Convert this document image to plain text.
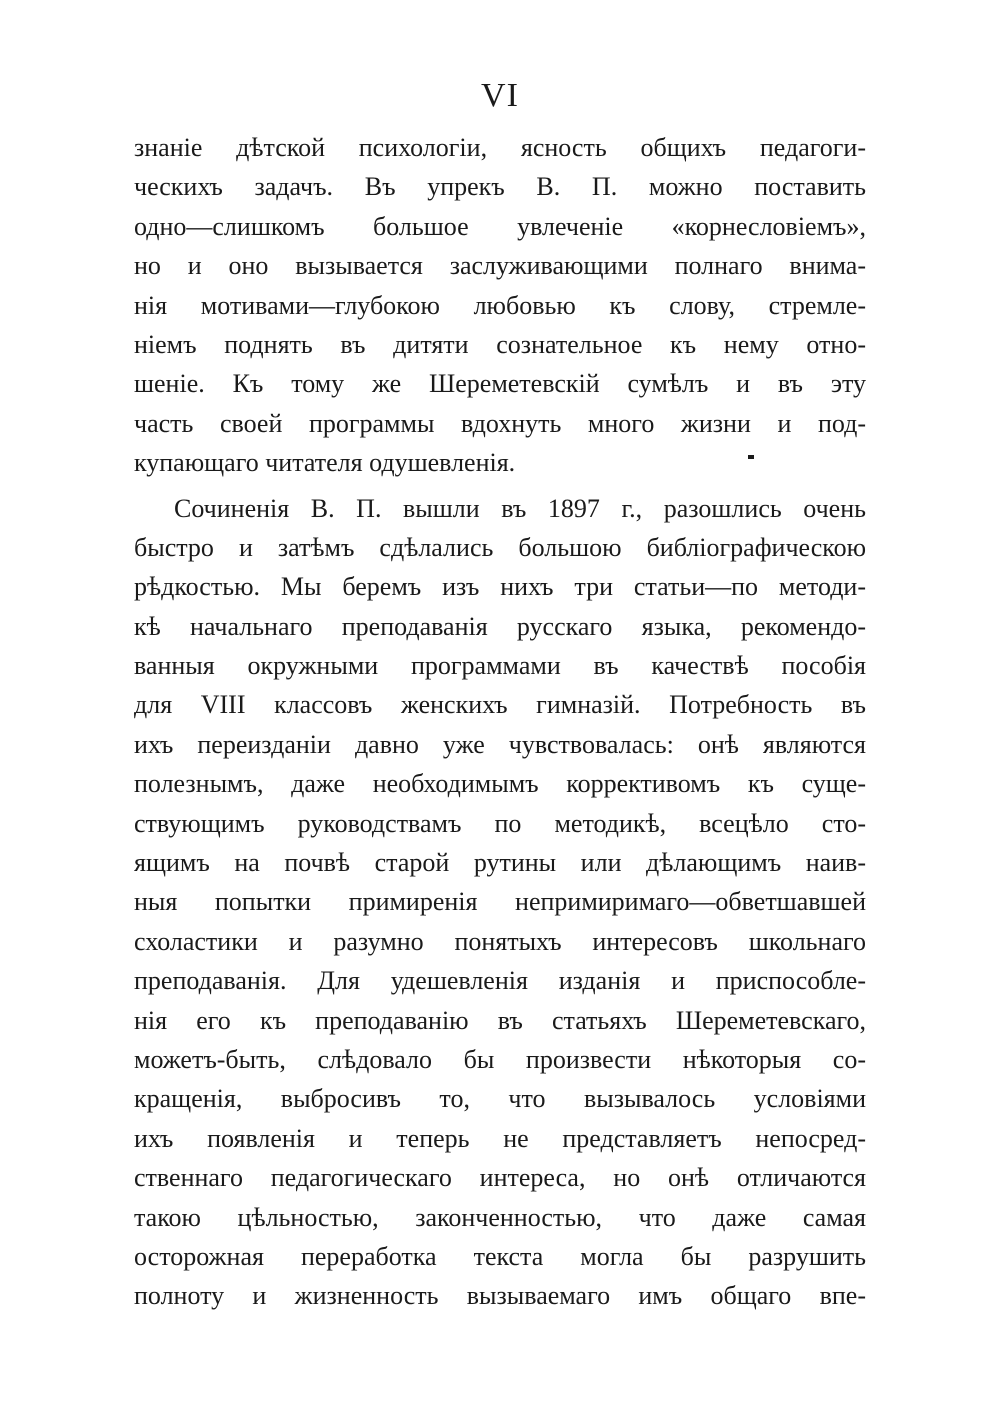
VI
знаніе дѣтской психологіи, ясность общихъ педагоги-
ческихъ задачъ. Въ упрекъ В. П. можно поставить
одно—слишкомъ большое увлеченіе «корнесловіемъ»,
но и оно вызывается заслуживающими полнаго внима-
нія мотивами—глубокою любовью къ слову, стремле-
ніемъ поднять въ дитяти сознательное къ нему отно-
шеніе. Къ тому же Шереметевскій сумѣлъ и въ эту
часть своей программы вдохнуть много жизни и под-
купающаго читателя одушевленія.
Сочиненія В. П. вышли въ 1897 г., разошлись очень
быстро и затѣмъ сдѣлались большою библіографическою
рѣдкостью. Мы беремъ изъ нихъ три статьи—по методи-
кѣ начальнаго преподаванія русскаго языка, рекомендо-
ванныя окружными программами въ качествѣ пособія
для VIII классовъ женскихъ гимназій. Потребность въ
ихъ переизданіи давно уже чувствовалась: онѣ являются
полезнымъ, даже необходимымъ коррективомъ къ суще-
ствующимъ руководствамъ по методикѣ, всецѣло сто-
ящимъ на почвѣ старой рутины или дѣлающимъ наив-
ныя попытки примиренія непримиримаго—обветшавшей
схоластики и разумно понятыхъ интересовъ школьнаго
преподаванія. Для удешевленія изданія и приспособле-
нія его къ преподаванію въ статьяхъ Шереметевскаго,
можетъ-быть, слѣдовало бы произвести нѣкоторыя со-
кращенія, выбросивъ то, что вызывалось условіями
ихъ появленія и теперь не представляетъ непосред-
ственнаго педагогическаго интереса, но онѣ отличаются
такою цѣльностью, законченностью, что даже самая
осторожная переработка текста могла бы разрушить
полноту и жизненность вызываемаго имъ общаго впе-
